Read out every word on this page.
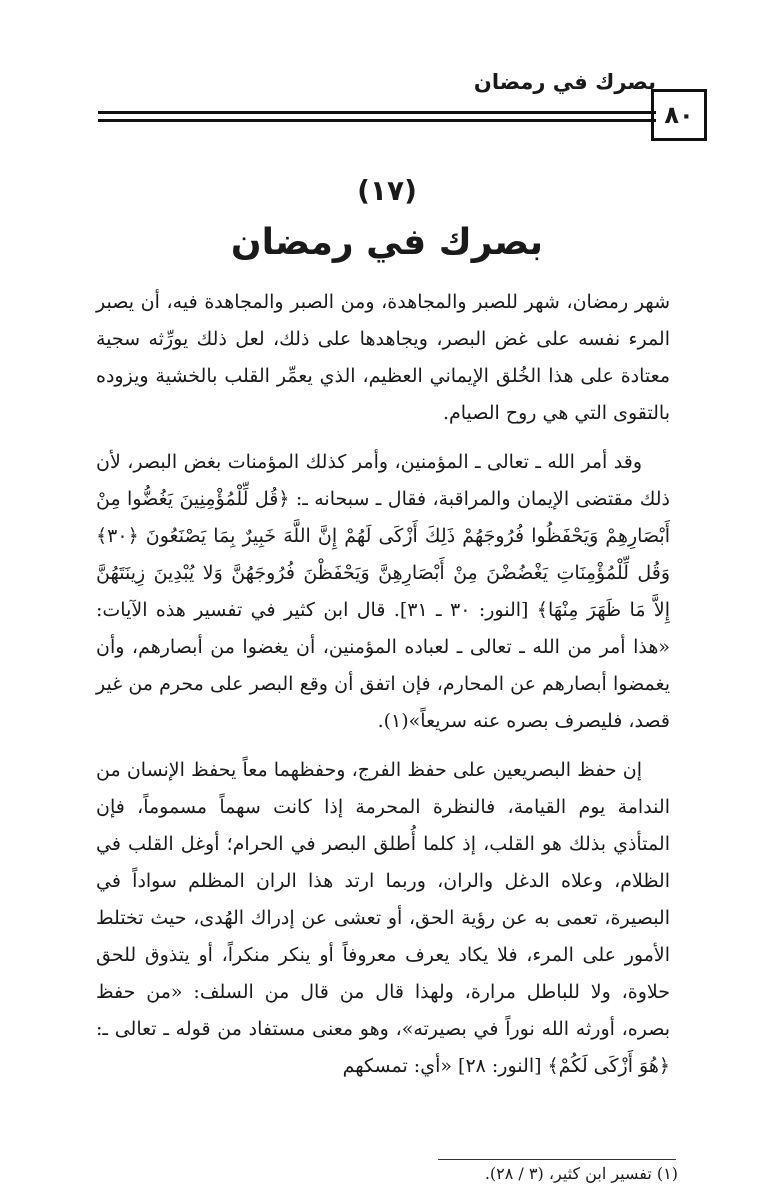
بصرك في رمضان
٨٠
(١٧)
بصرك في رمضان

شهر رمضان، شهر للصبر والمجاهدة، ومن الصبر والمجاهدة فيه، أن يصبر المرء نفسه على غض البصر، ويجاهدها على ذلك، لعل ذلك يورِّثه سجية معتادة على هذا الخُلق الإيماني العظيم، الذي يعمِّر القلب بالخشية ويزوده بالتقوى التي هي روح الصيام.

وقد أمر الله ـ تعالى ـ المؤمنين، وأمر كذلك المؤمنات بغض البصر، لأن ذلك مقتضى الإيمان والمراقبة، فقال ـ سبحانه ـ: ﴿قُل لِّلْمُؤْمِنِينَ يَغُضُّوا مِنْ أَبْصَارِهِمْ وَيَحْفَظُوا فُرُوجَهُمْ ذَلِكَ أَزْكَى لَهُمْ إِنَّ اللَّهَ خَبِيرٌ بِمَا يَصْنَعُونَ ﴿٣٠﴾ وَقُل لِّلْمُؤْمِنَاتِ يَغْضُضْنَ مِنْ أَبْصَارِهِنَّ وَيَحْفَظْنَ فُرُوجَهُنَّ وَلا يُبْدِينَ زِينَتَهُنَّ إِلاَّ مَا ظَهَرَ مِنْهَا﴾ [النور: ٣٠ ـ ٣١]. قال ابن كثير في تفسير هذه الآيات: «هذا أمر من الله ـ تعالى ـ لعباده المؤمنين، أن يغضوا من أبصارهم، وأن يغمضوا أبصارهم عن المحارم، فإن اتفق أن وقع البصر على محرم من غير قصد، فليصرف بصره عنه سريعاً»(١).

إن حفظ البصريعين على حفظ الفرج، وحفظهما معاً يحفظ الإنسان من الندامة يوم القيامة، فالنظرة المحرمة إذا كانت سهماً مسموماً، فإن المتأذي بذلك هو القلب، إذ كلما أُطلق البصر في الحرام؛ أوغل القلب في الظلام، وعلاه الدغل والران، وربما ارتد هذا الران المظلم سواداً في البصيرة، تعمى به عن رؤية الحق، أو تعشى عن إدراك الهُدى، حيث تختلط الأمور على المرء، فلا يكاد يعرف معروفاً أو ينكر منكراً، أو يتذوق للحق حلاوة، ولا للباطل مرارة، ولهذا قال من قال من السلف: «من حفظ بصره، أورثه الله نوراً في بصيرته»، وهو معنى مستفاد من قوله ـ تعالى ـ: ﴿هُوَ أَزْكَى لَكُمْ﴾ [النور: ٢٨] «أي: تمسكهم

(١) تفسير ابن كثير، (٣ / ٢٨).
